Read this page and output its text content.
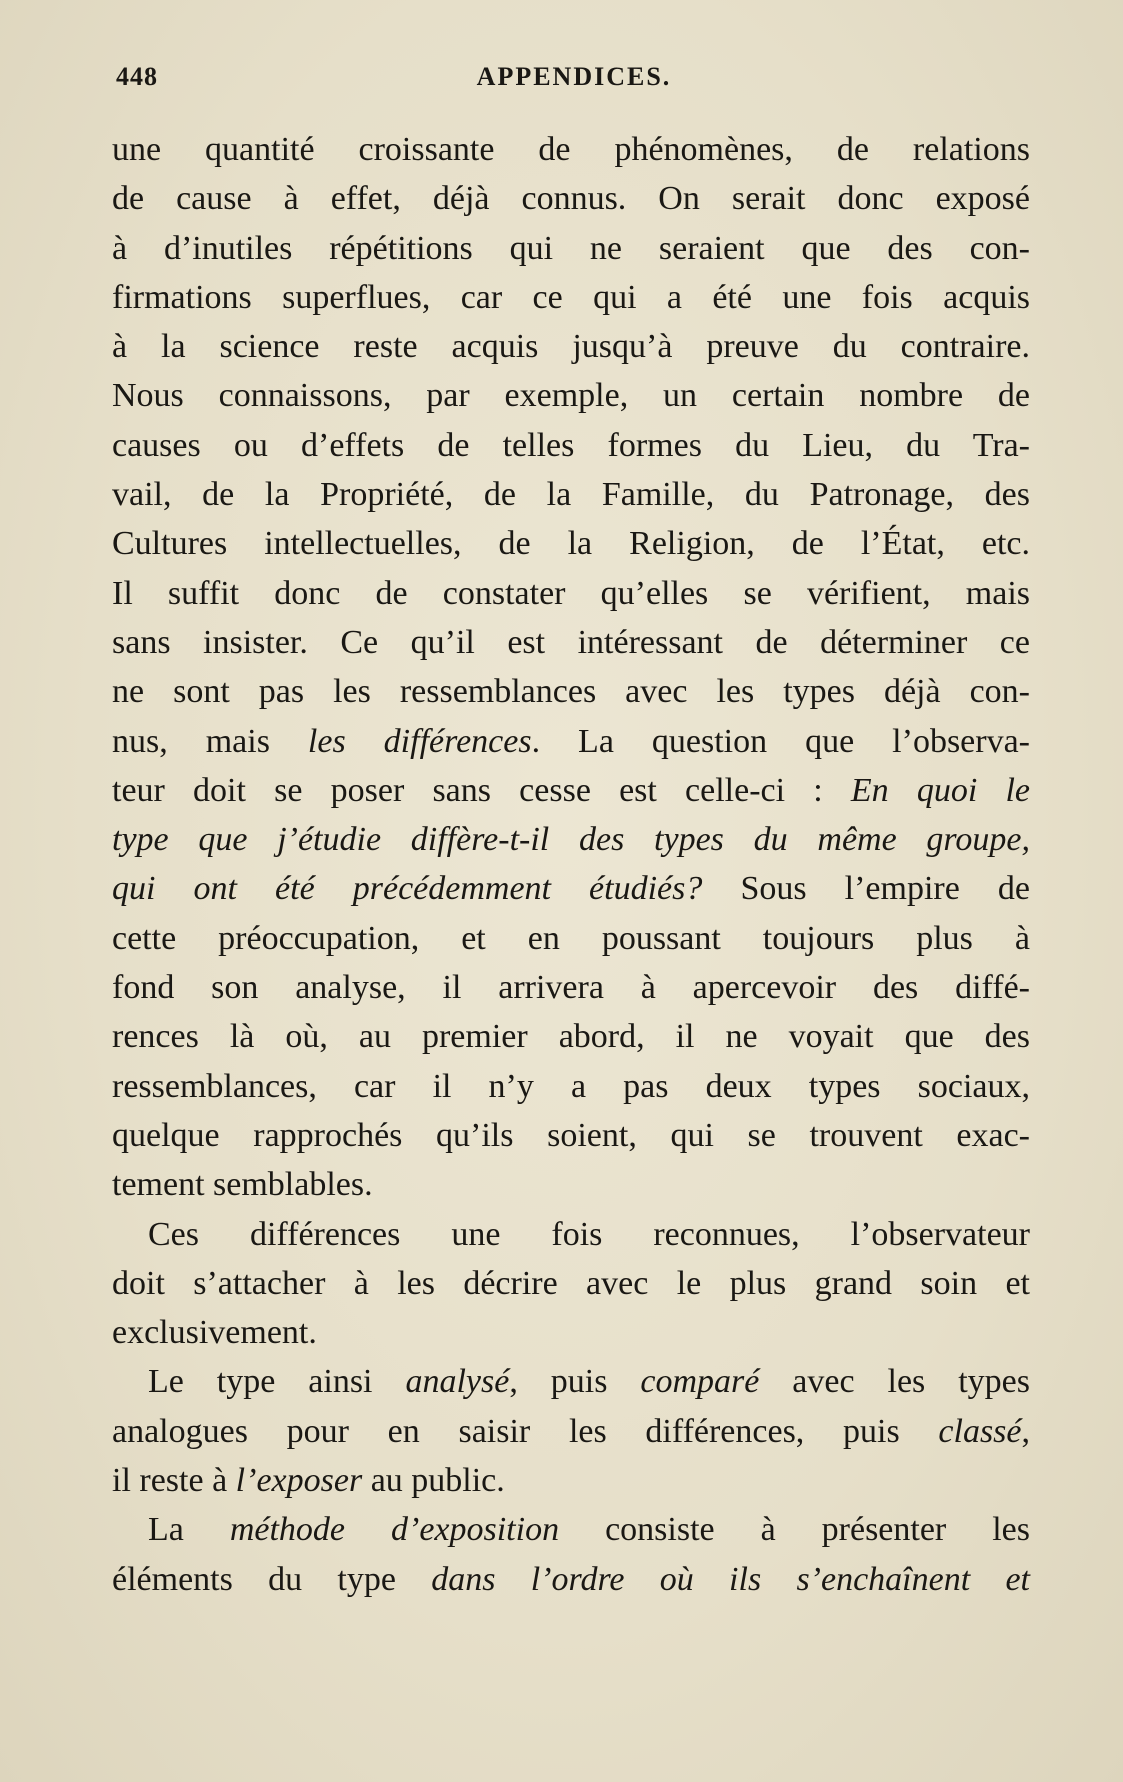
448	APPENDICES.
une quantité croissante de phénomènes, de relations
de cause à effet, déjà connus. On serait donc exposé
à d’inutiles répétitions qui ne seraient que des con-
firmations superflues, car ce qui a été une fois acquis
à la science reste acquis jusqu’à preuve du contraire.
Nous connaissons, par exemple, un certain nombre de
causes ou d’effets de telles formes du Lieu, du Tra-
vail, de la Propriété, de la Famille, du Patronage, des
Cultures intellectuelles, de la Religion, de l’État, etc.
Il suffit donc de constater qu’elles se vérifient, mais
sans insister. Ce qu’il est intéressant de déterminer ce
ne sont pas les ressemblances avec les types déjà con-
nus, mais les différences. La question que l’observa-
teur doit se poser sans cesse est celle-ci : En quoi le
type que j’étudie diffère-t-il des types du même groupe,
qui ont été précédemment étudiés? Sous l’empire de
cette préoccupation, et en poussant toujours plus à
fond son analyse, il arrivera à apercevoir des diffé-
rences là où, au premier abord, il ne voyait que des
ressemblances, car il n’y a pas deux types sociaux,
quelque rapprochés qu’ils soient, qui se trouvent exac-
tement semblables.
Ces différences une fois reconnues, l’observateur
doit s’attacher à les décrire avec le plus grand soin et
exclusivement.
Le type ainsi analysé, puis comparé avec les types
analogues pour en saisir les différences, puis classé,
il reste à l’exposer au public.
La méthode d’exposition consiste à présenter les
éléments du type dans l’ordre où ils s’enchaînent et
